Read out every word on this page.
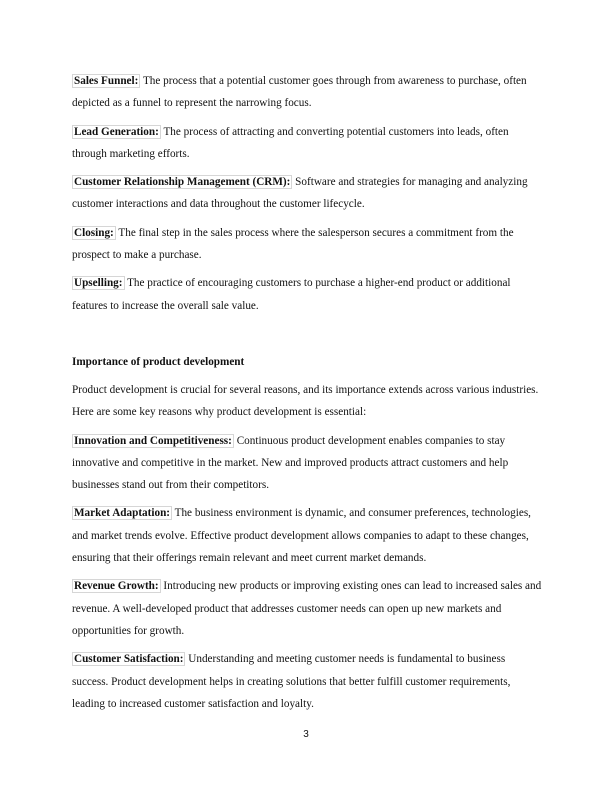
Sales Funnel: The process that a potential customer goes through from awareness to purchase, often depicted as a funnel to represent the narrowing focus.

Lead Generation: The process of attracting and converting potential customers into leads, often through marketing efforts.

Customer Relationship Management (CRM): Software and strategies for managing and analyzing customer interactions and data throughout the customer lifecycle.

Closing: The final step in the sales process where the salesperson secures a commitment from the prospect to make a purchase.

Upselling: The practice of encouraging customers to purchase a higher-end product or additional features to increase the overall sale value.

Importance of product development

Product development is crucial for several reasons, and its importance extends across various industries. Here are some key reasons why product development is essential:

Innovation and Competitiveness: Continuous product development enables companies to stay innovative and competitive in the market. New and improved products attract customers and help businesses stand out from their competitors.

Market Adaptation: The business environment is dynamic, and consumer preferences, technologies, and market trends evolve. Effective product development allows companies to adapt to these changes, ensuring that their offerings remain relevant and meet current market demands.

Revenue Growth: Introducing new products or improving existing ones can lead to increased sales and revenue. A well-developed product that addresses customer needs can open up new markets and opportunities for growth.

Customer Satisfaction: Understanding and meeting customer needs is fundamental to business success. Product development helps in creating solutions that better fulfill customer requirements, leading to increased customer satisfaction and loyalty.

3
